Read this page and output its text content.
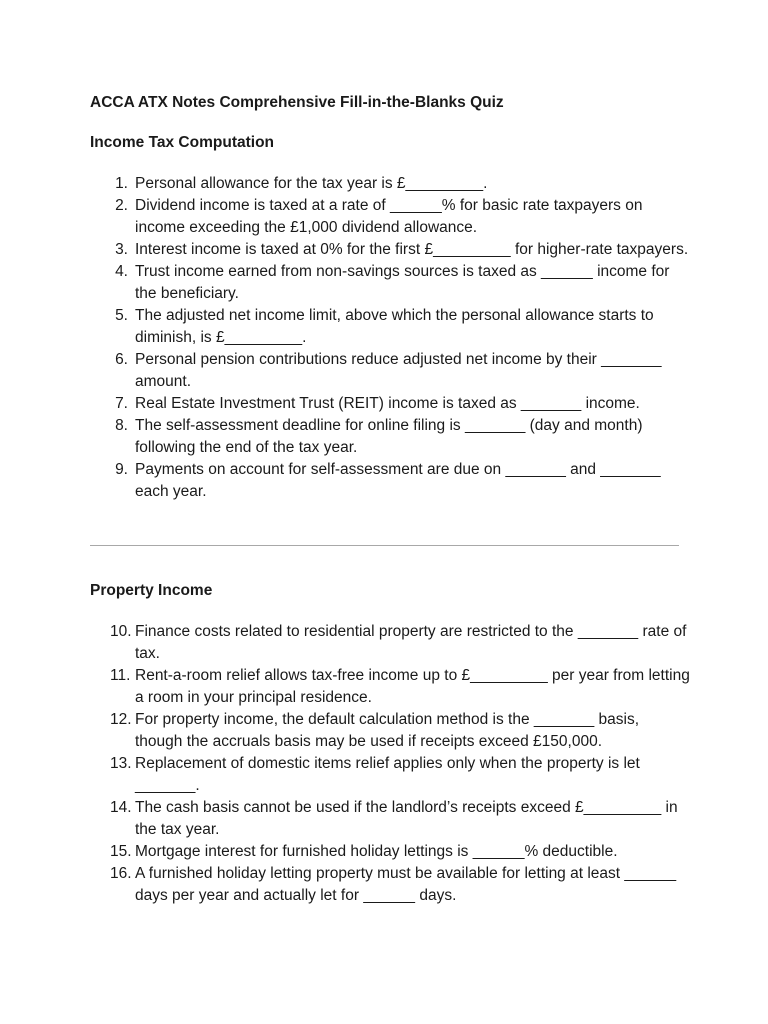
ACCA ATX Notes Comprehensive Fill-in-the-Blanks Quiz
Income Tax Computation
1. Personal allowance for the tax year is £_________.
2. Dividend income is taxed at a rate of ______% for basic rate taxpayers on income exceeding the £1,000 dividend allowance.
3. Interest income is taxed at 0% for the first £_________ for higher-rate taxpayers.
4. Trust income earned from non-savings sources is taxed as ______ income for the beneficiary.
5. The adjusted net income limit, above which the personal allowance starts to diminish, is £_________.
6. Personal pension contributions reduce adjusted net income by their _______ amount.
7. Real Estate Investment Trust (REIT) income is taxed as _______ income.
8. The self-assessment deadline for online filing is _______ (day and month) following the end of the tax year.
9. Payments on account for self-assessment are due on _______ and _______ each year.
Property Income
10. Finance costs related to residential property are restricted to the _______ rate of tax.
11. Rent-a-room relief allows tax-free income up to £_________ per year from letting a room in your principal residence.
12. For property income, the default calculation method is the _______ basis, though the accruals basis may be used if receipts exceed £150,000.
13. Replacement of domestic items relief applies only when the property is let _______.
14. The cash basis cannot be used if the landlord’s receipts exceed £_________ in the tax year.
15. Mortgage interest for furnished holiday lettings is ______% deductible.
16. A furnished holiday letting property must be available for letting at least ______ days per year and actually let for ______ days.
